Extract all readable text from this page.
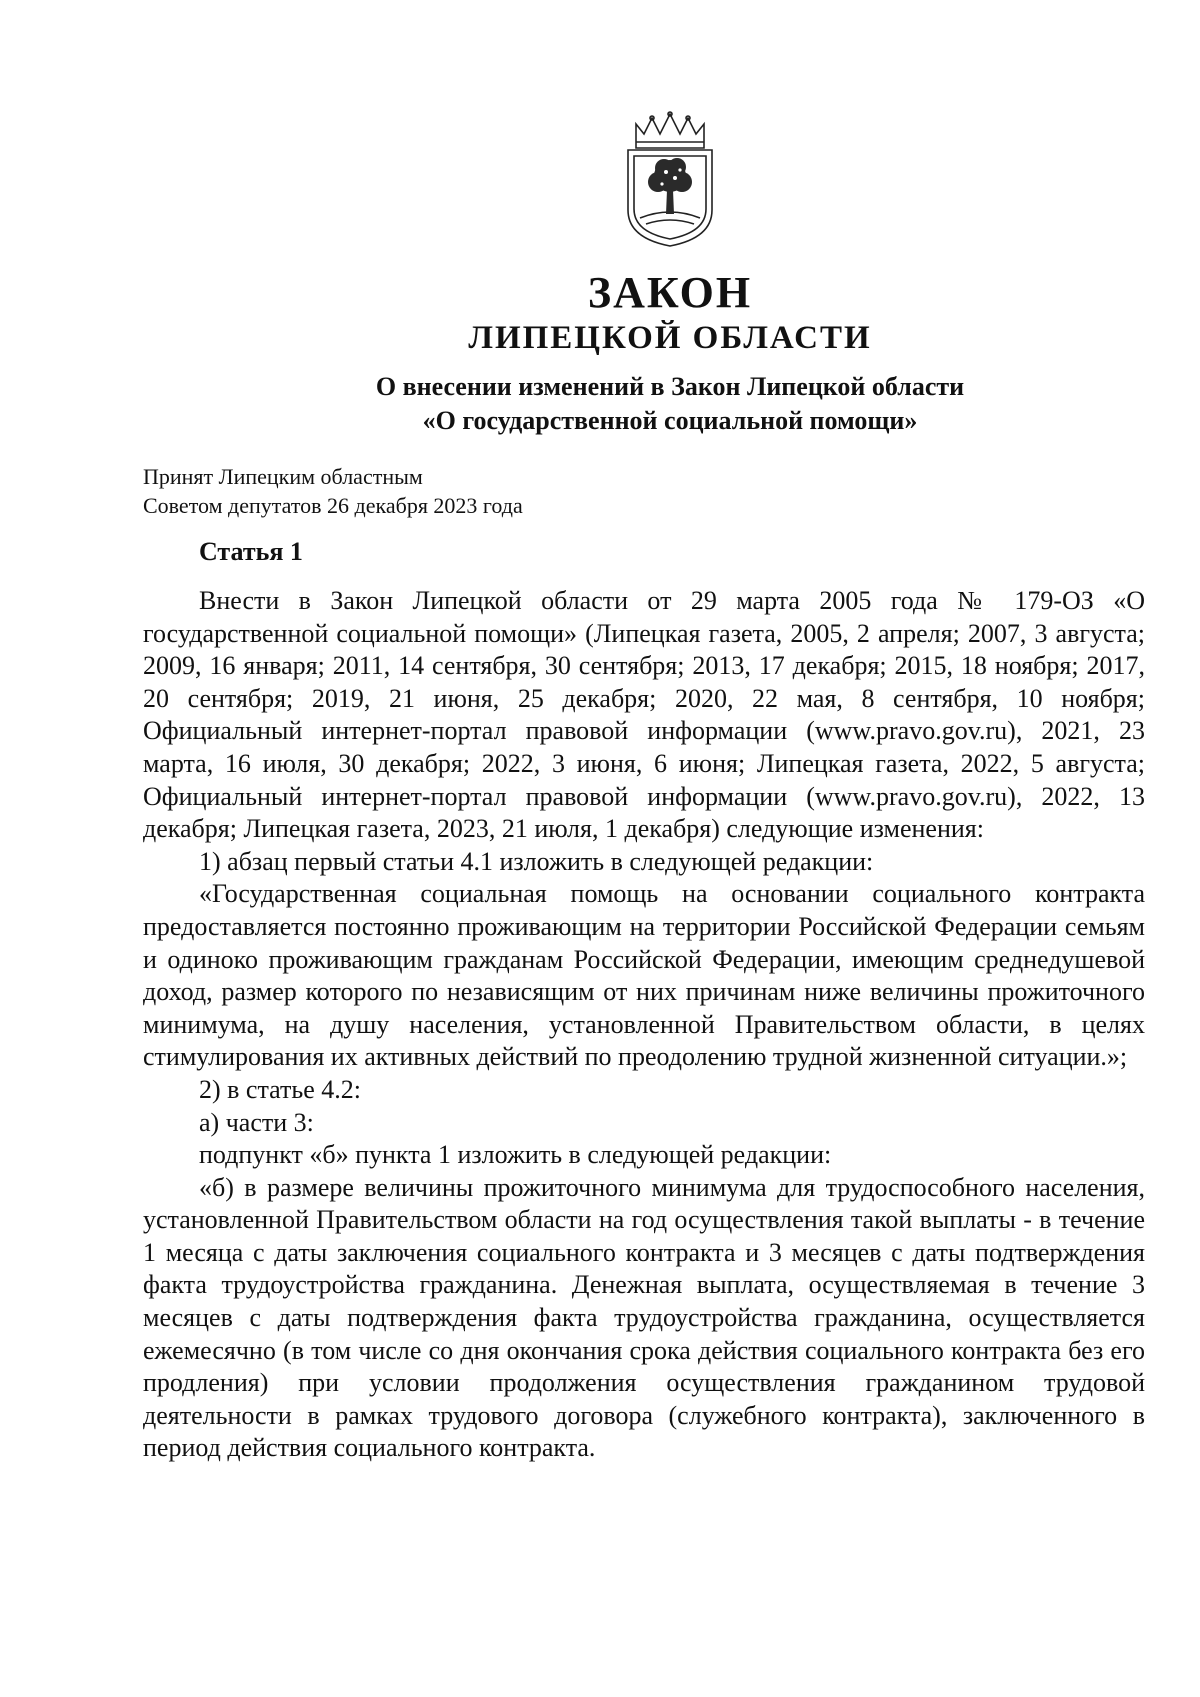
ЗАКОН
ЛИПЕЦКОЙ ОБЛАСТИ
О внесении изменений в Закон Липецкой области
«О государственной социальной помощи»
Принят Липецким областным
Советом депутатов 26 декабря 2023 года
Статья 1

Внести в Закон Липецкой области от 29 марта 2005 года № 179-ОЗ «О государственной социальной помощи» (Липецкая газета, 2005, 2 апреля; 2007, 3 августа; 2009, 16 января; 2011, 14 сентября, 30 сентября; 2013, 17 декабря; 2015, 18 ноября; 2017, 20 сентября; 2019, 21 июня, 25 декабря; 2020, 22 мая, 8 сентября, 10 ноября; Официальный интернет-портал правовой информации (www.pravo.gov.ru), 2021, 23 марта, 16 июля, 30 декабря; 2022, 3 июня, 6 июня; Липецкая газета, 2022, 5 августа; Официальный интернет-портал правовой информации (www.pravo.gov.ru), 2022, 13 декабря; Липецкая газета, 2023, 21 июля, 1 декабря) следующие изменения:

1) абзац первый статьи 4.1 изложить в следующей редакции:

«Государственная социальная помощь на основании социального контракта предоставляется постоянно проживающим на территории Российской Федерации семьям и одиноко проживающим гражданам Российской Федерации, имеющим среднедушевой доход, размер которого по независящим от них причинам ниже величины прожиточного минимума, на душу населения, установленной Правительством области, в целях стимулирования их активных действий по преодолению трудной жизненной ситуации.»;

2) в статье 4.2:

а) части 3:

подпункт «б» пункта 1 изложить в следующей редакции:

«б) в размере величины прожиточного минимума для трудоспособного населения, установленной Правительством области на год осуществления такой выплаты - в течение 1 месяца с даты заключения социального контракта и 3 месяцев с даты подтверждения факта трудоустройства гражданина. Денежная выплата, осуществляемая в течение 3 месяцев с даты подтверждения факта трудоустройства гражданина, осуществляется ежемесячно (в том числе со дня окончания срока действия социального контракта без его продления) при условии продолжения осуществления гражданином трудовой деятельности в рамках трудового договора (служебного контракта), заключенного в период действия социального контракта.
